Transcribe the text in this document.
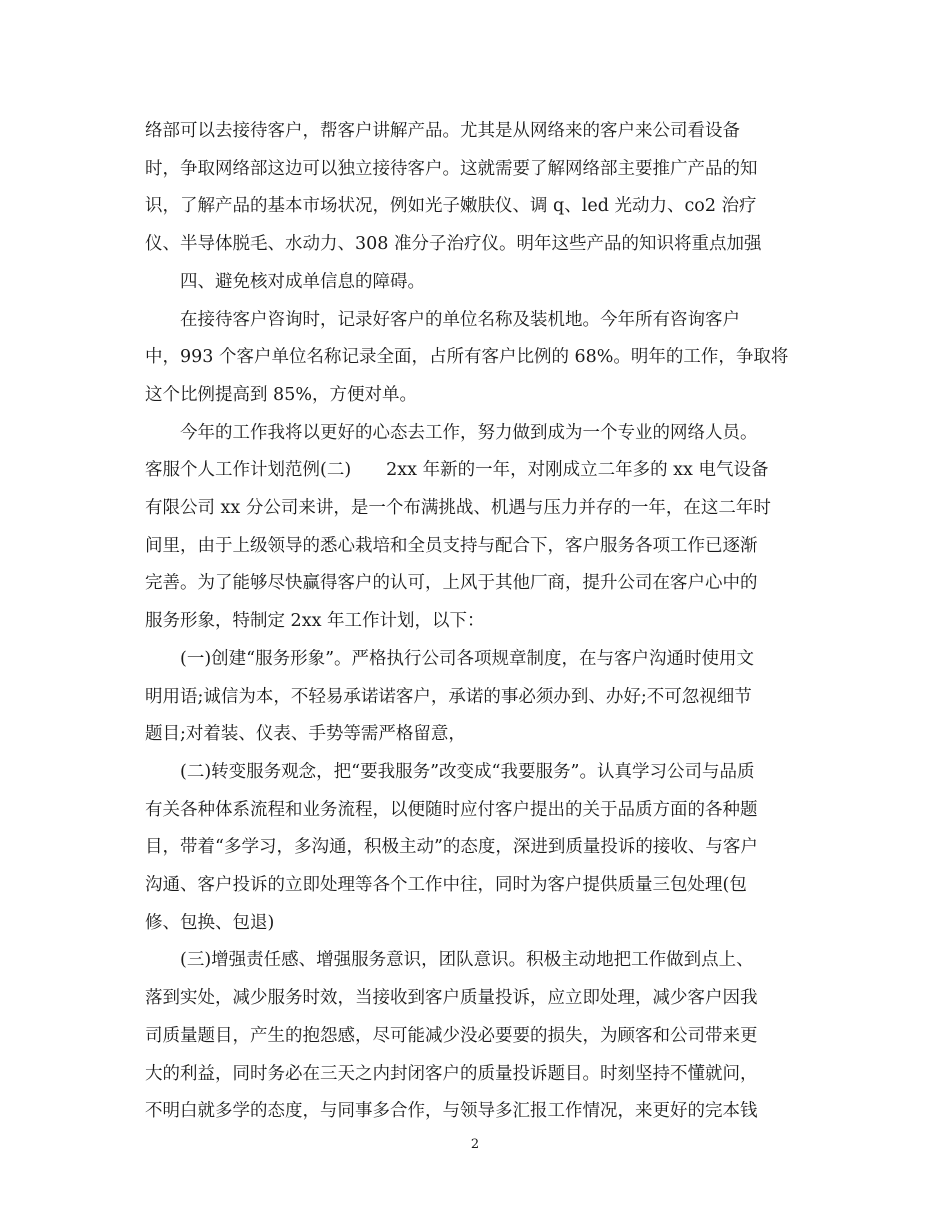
络部可以去接待客户，帮客户讲解产品。尤其是从网络来的客户来公司看设备
时，争取网络部这边可以独立接待客户。这就需要了解网络部主要推广产品的知
识，了解产品的基本市场状况，例如光子嫩肤仪、调 q、led 光动力、co2 治疗
仪、半导体脱毛、水动力、308 准分子治疗仪。明年这些产品的知识将重点加强
四、避免核对成单信息的障碍。
在接待客户咨询时，记录好客户的单位名称及装机地。今年所有咨询客户
中，993 个客户单位名称记录全面，占所有客户比例的 68%。明年的工作，争取将
这个比例提高到 85%，方便对单。
今年的工作我将以更好的心态去工作，努力做到成为一个专业的网络人员。
客服个人工作计划范例(二)　　2xx 年新的一年，对刚成立二年多的 xx 电气设备
有限公司 xx 分公司来讲，是一个布满挑战、机遇与压力并存的一年，在这二年时
间里，由于上级领导的悉心栽培和全员支持与配合下，客户服务各项工作已逐渐
完善。为了能够尽快赢得客户的认可，上风于其他厂商，提升公司在客户心中的
服务形象，特制定 2xx 年工作计划，以下：
(一)创建“服务形象”。严格执行公司各项规章制度，在与客户沟通时使用文
明用语;诚信为本，不轻易承诺诺客户，承诺的事必须办到、办好;不可忽视细节
题目;对着装、仪表、手势等需严格留意，
(二)转变服务观念，把“要我服务”改变成“我要服务”。认真学习公司与品质
有关各种体系流程和业务流程，以便随时应付客户提出的关于品质方面的各种题
目，带着“多学习，多沟通，积极主动”的态度，深进到质量投诉的接收、与客户
沟通、客户投诉的立即处理等各个工作中往，同时为客户提供质量三包处理(包
修、包换、包退)
(三)增强责任感、增强服务意识，团队意识。积极主动地把工作做到点上、
落到实处，减少服务时效，当接收到客户质量投诉，应立即处理，减少客户因我
司质量题目，产生的抱怨感，尽可能减少没必要要的损失，为顾客和公司带来更
大的利益，同时务必在三天之内封闭客户的质量投诉题目。时刻坚持不懂就问，
不明白就多学的态度，与同事多合作，与领导多汇报工作情况，来更好的完本钱
2
